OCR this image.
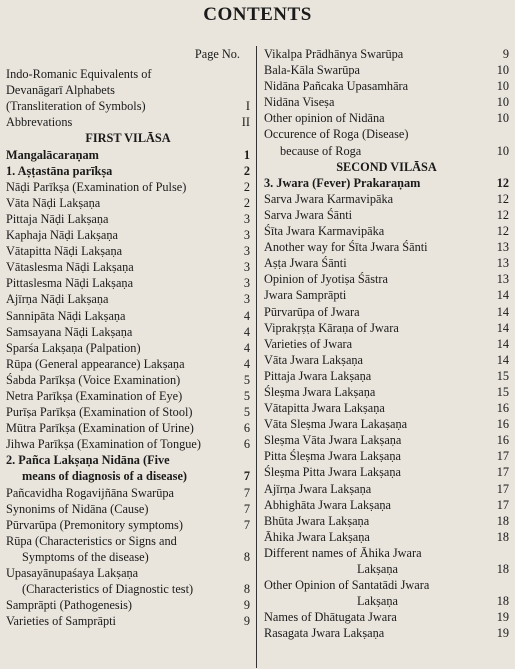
CONTENTS
Page No.
Indo-Romanic Equivalents of
Devanāgarī Alphabets
(Transliteration of Symbols)	I
Abbrevations	II
FIRST VILĀSA
Mangalācaraṇam	1
1. Aṣṭastāna parīkṣa	2
Nāḍi Parīkṣa (Examination of Pulse)	2
Vāta Nāḍi Lakṣaṇa	2
Pittaja Nāḍi Lakṣaṇa	3
Kaphaja Nāḍi Lakṣaṇa	3
Vātapitta Nāḍi Lakṣaṇa	3
Vātaslesma Nāḍi Lakṣaṇa	3
Pittaslesma Nāḍi Lakṣaṇa	3
Ajīrṇa Nāḍi Lakṣaṇa	3
Sannipāta Nāḍi Lakṣaṇa	4
Samsayana Nāḍi Lakṣaṇa	4
Sparśa Lakṣaṇa (Palpation)	4
Rūpa (General appearance) Lakṣaṇa	4
Śabda Parīkṣa (Voice Examination)	5
Netra Parīkṣa (Examination of Eye)	5
Purīṣa Parīkṣa (Examination of Stool)	5
Mūtra Parīkṣa (Examination of Urine)	6
Jihwa Parīkṣa (Examination of Tongue)	6
2. Pañca Lakṣaṇa Nidāna (Five
means of diagnosis of a disease)	7
Pañcavidha Rogavijñāna Swarūpa	7
Synonims of Nidāna (Cause)	7
Pūrvarūpa (Premonitory symptoms)	7
Rūpa (Characteristics or Signs and
Symptoms of the disease)	8
Upasayānupaśaya Lakṣaṇa
(Characteristics of Diagnostic test)	8
Samprāpti (Pathogenesis)	9
Varieties of Samprāpti	9
Vikalpa Prādhānya Swarūpa	9
Bala-Kāla Swarūpa	10
Nidāna Pañcaka Upasamhāra	10
Nidāna Viseṣa	10
Other opinion of Nidāna	10
Occurence of Roga (Disease)
because of Roga	10
SECOND VILĀSA
3. Jwara (Fever) Prakaraṇam	12
Sarva Jwara Karmavipāka	12
Sarva Jwara Śānti	12
Śīta Jwara Karmavipāka	12
Another way for Śīta Jwara Śānti	13
Aṣṭa Jwara Śānti	13
Opinion of Jyotiṣa Śāstra	13
Jwara Samprāpti	14
Pūrvarūpa of Jwara	14
Viprakṛṣṭa Kāraṇa of Jwara	14
Varieties of Jwara	14
Vāta Jwara Lakṣaṇa	14
Pittaja Jwara Lakṣaṇa	15
Śleṣma Jwara Lakṣaṇa	15
Vātapitta Jwara Lakṣaṇa	16
Vāta Sleṣma Jwara Lakaṣaṇa	16
Sleṣma Vāta Jwara Lakṣaṇa	16
Pitta Śleṣma Jwara Lakṣaṇa	17
Śleṣma Pitta Jwara Lakṣaṇa	17
Ajīrṇa Jwara Lakṣaṇa	17
Abhighāta Jwara Lakṣaṇa	17
Bhūta Jwara Lakṣaṇa	18
Āhika Jwara Lakṣaṇa	18
Different names of Āhika Jwara
Lakṣaṇa	18
Other Opinion of Santatādi Jwara
Lakṣaṇa	18
Names of Dhātugata Jwara	19
Rasagata Jwara Lakṣaṇa	19
